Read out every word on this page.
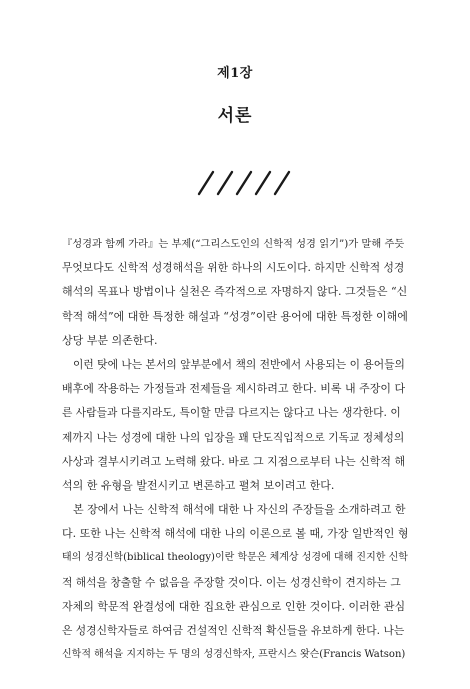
제1장
서론
『성경과 함께 가라』는 부제(“그리스도인의 신학적 성경 읽기”)가 말해 주듯
무엇보다도 신학적 성경해석을 위한 하나의 시도이다. 하지만 신학적 성경
해석의 목표나 방법이나 실천은 즉각적으로 자명하지 않다. 그것들은 “신
학적 해석”에 대한 특정한 해설과 “성경”이란 용어에 대한 특정한 이해에
상당 부분 의존한다.
이런 탓에 나는 본서의 앞부분에서 책의 전반에서 사용되는 이 용어들의
배후에 작용하는 가정들과 전제들을 제시하려고 한다. 비록 내 주장이 다
른 사람들과 다를지라도, 특이할 만큼 다르지는 않다고 나는 생각한다. 이
제까지 나는 성경에 대한 나의 입장을 꽤 단도직입적으로 기독교 정체성의
사상과 결부시키려고 노력해 왔다. 바로 그 지점으로부터 나는 신학적 해
석의 한 유형을 발전시키고 변론하고 펼쳐 보이려고 한다.
본 장에서 나는 신학적 해석에 대한 나 자신의 주장들을 소개하려고 한
다. 또한 나는 신학적 해석에 대한 나의 이론으로 볼 때, 가장 일반적인 형
태의 성경신학(biblical theology)이란 학문은 체계상 성경에 대해 진지한 신학
적 해석을 창출할 수 없음을 주장할 것이다. 이는 성경신학이 견지하는 그
자체의 학문적 완결성에 대한 집요한 관심으로 인한 것이다. 이러한 관심
은 성경신학자들로 하여금 건설적인 신학적 확신들을 유보하게 한다. 나는
신학적 해석을 지지하는 두 명의 성경신학자, 프란시스 왓슨(Francis Watson)
